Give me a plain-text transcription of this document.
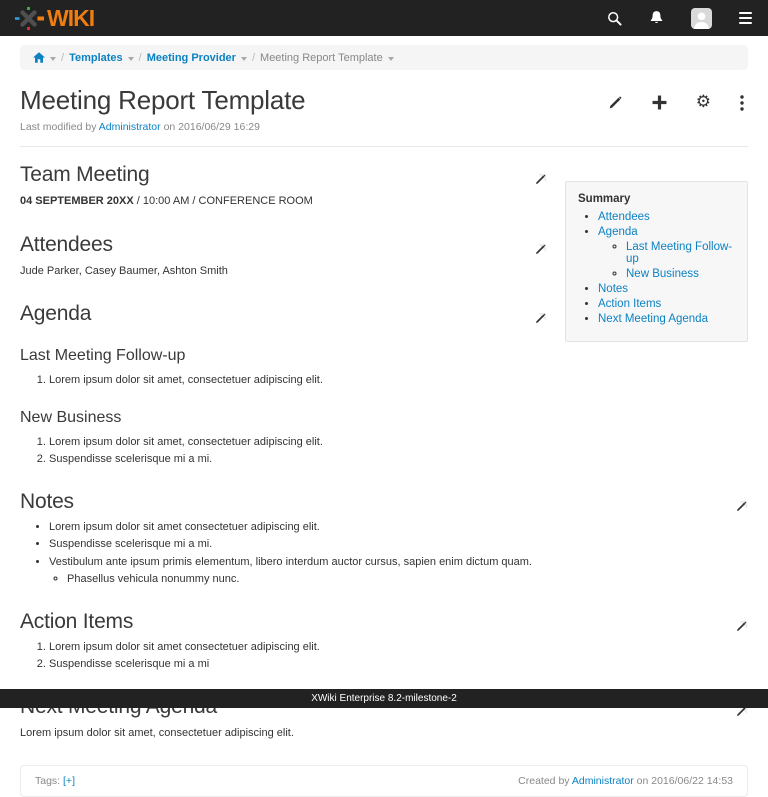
WIKI
/ Templates / Meeting Provider / Meeting Report Template
Meeting Report Template	⚙
Last modified by Administrator on 2016/06/29 16:29
Summary
• Attendees
• Agenda
◦ Last Meeting Follow-up
◦ New Business
• Notes
• Action Items
• Next Meeting Agenda
Team Meeting

04 SEPTEMBER 20XX / 10:00 AM / CONFERENCE ROOM

Attendees

Jude Parker, Casey Baumer, Ashton Smith

Agenda
Last Meeting Follow-up
1. Lorem ipsum dolor sit amet, consectetuer adipiscing elit.
New Business
1. Lorem ipsum dolor sit amet, consectetuer adipiscing elit.
2. Suspendisse scelerisque mi a mi.
Notes
• Lorem ipsum dolor sit amet consectetuer adipiscing elit.
• Suspendisse scelerisque mi a mi.
• Vestibulum ante ipsum primis elementum, libero interdum auctor cursus, sapien enim dictum quam.
◦ Phasellus vehicula nonummy nunc.
Action Items
1. Lorem ipsum dolor sit amet consectetuer adipiscing elit.
2. Suspendisse scelerisque mi a mi

Lorem ipsum dolor sit amet, consectetuer adipiscing elit.

Tags: [+]	Created by Administrator on 2016/06/22 14:53
XWiki Enterprise 8.2-milestone-2
